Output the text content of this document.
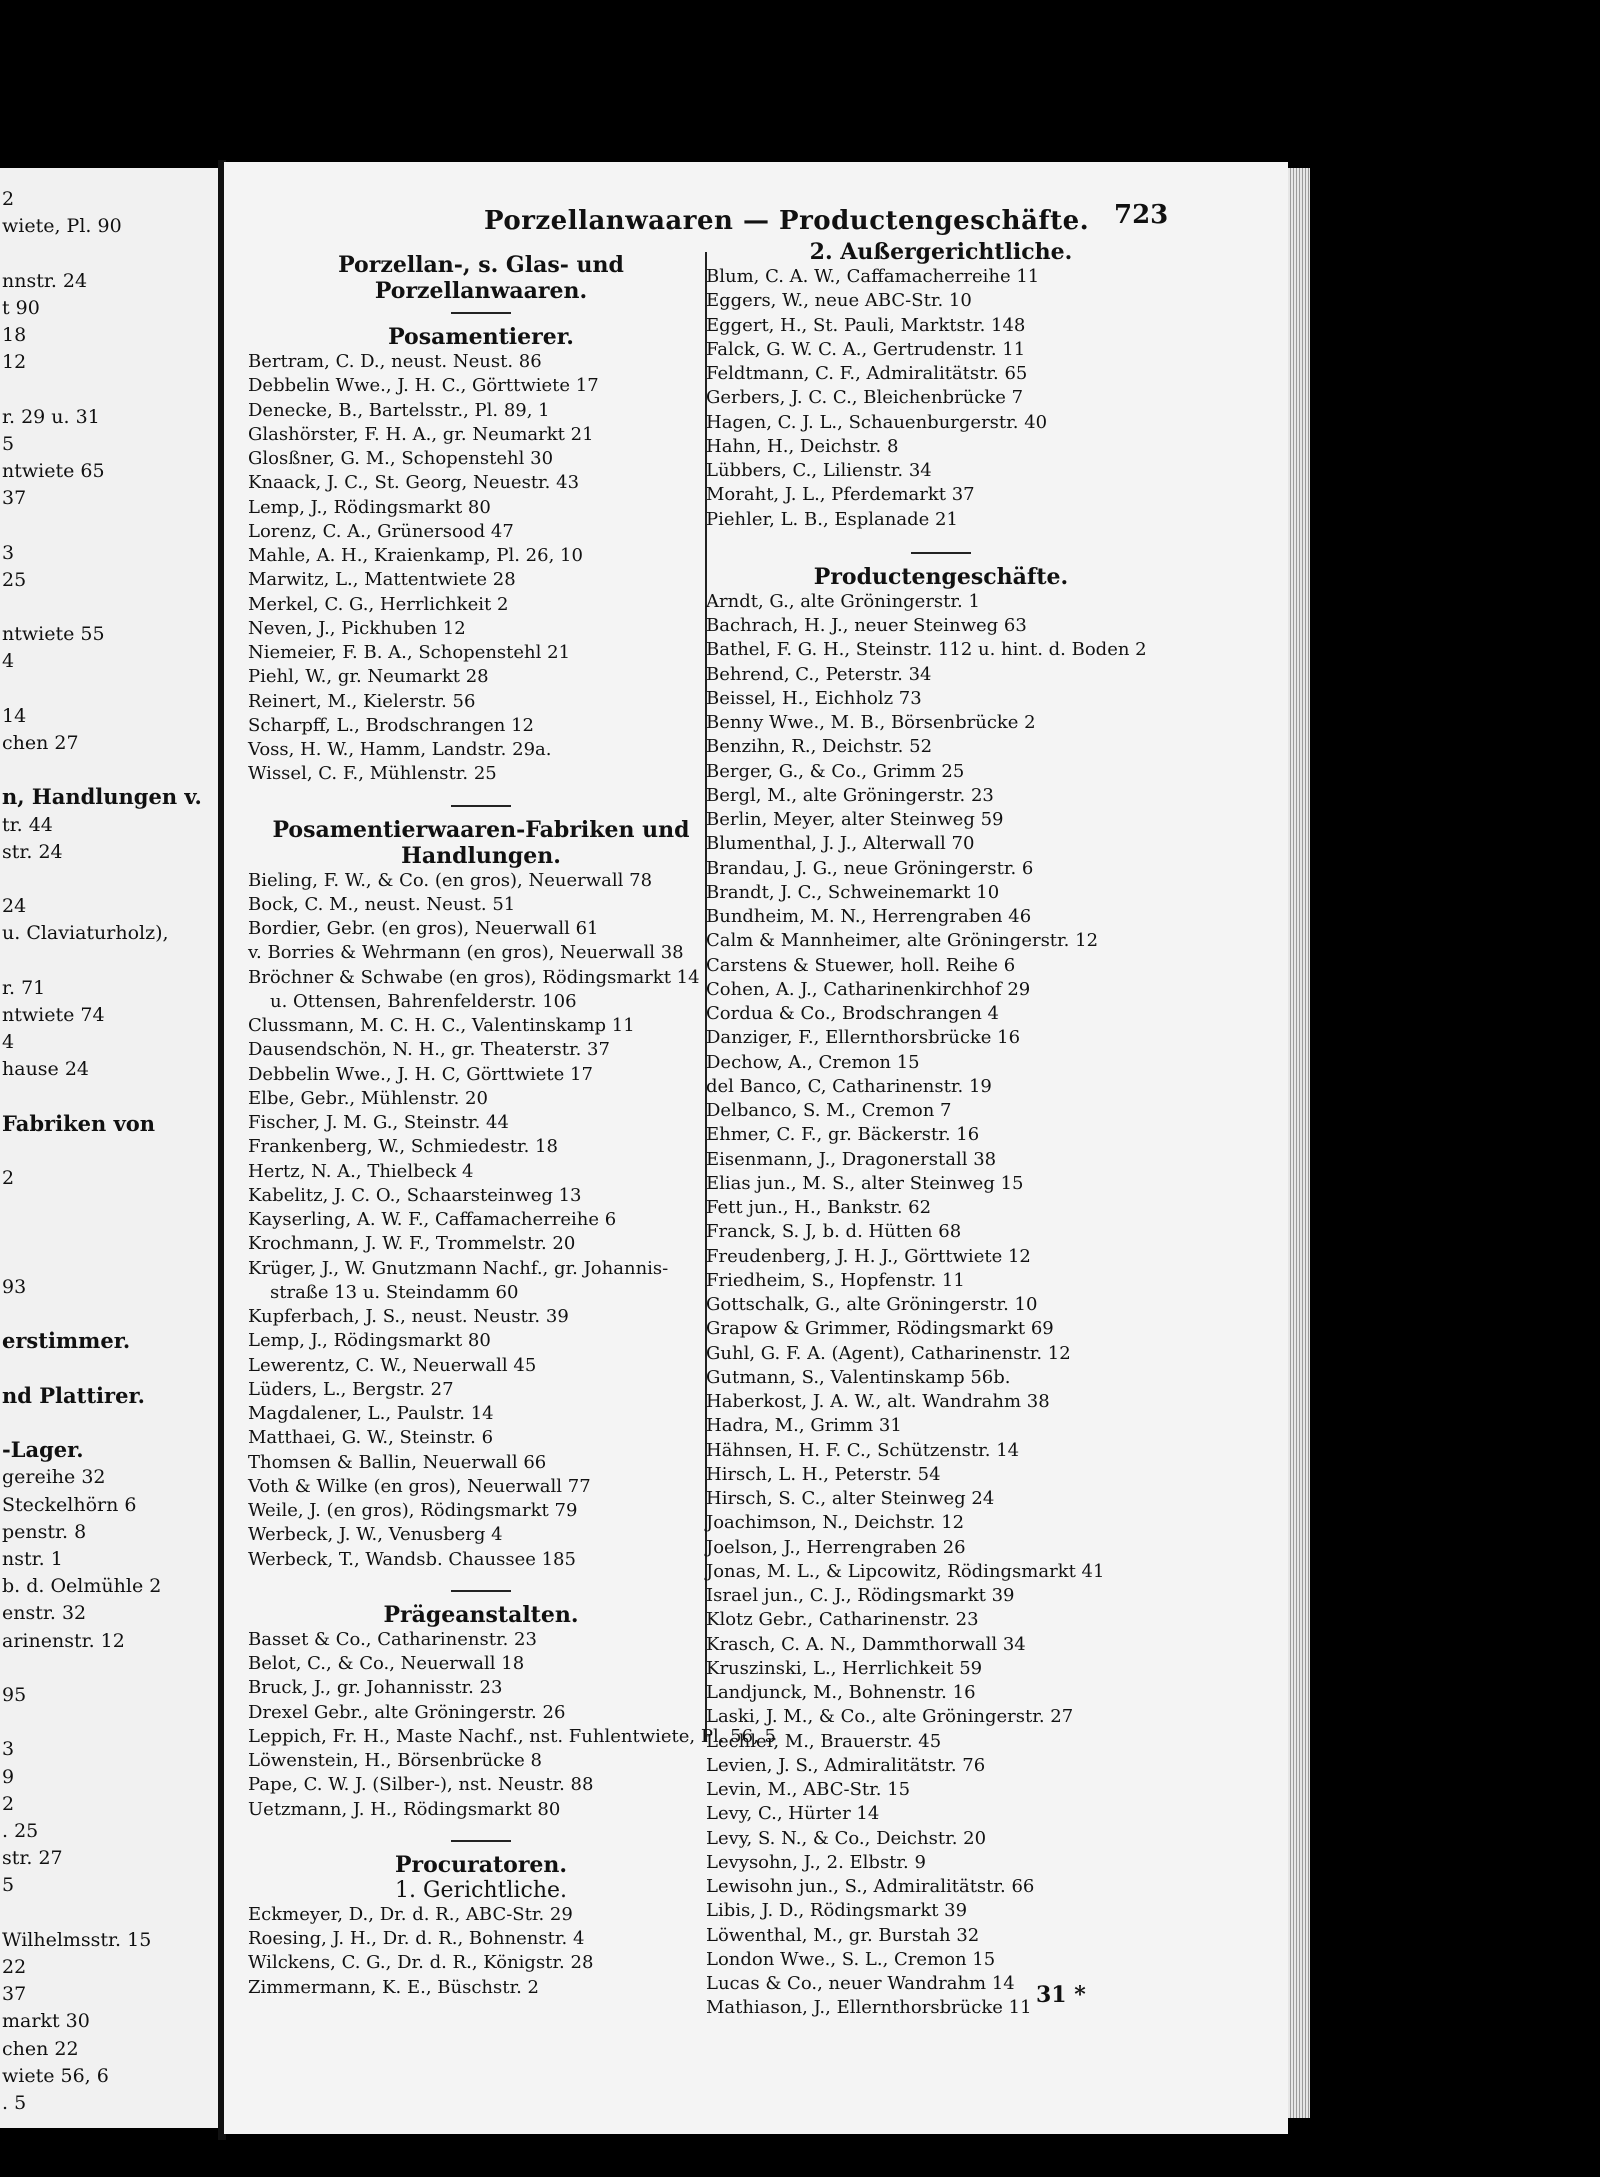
2
wiete, Pl. 90
nnstr. 24
t 90
18
12
r. 29 u. 31
5
ntwiete 65
37
3
25
ntwiete 55
4
14
chen 27
n, Handlungen v.
tr. 44
str. 24
24
u. Claviaturholz),
r. 71
ntwiete 74
4
hause 24
Fabriken von
2
93
erstimmer.
nd Plattirer.
-Lager.
gereihe 32
Steckelhörn 6
penstr. 8
nstr. 1
b. d. Oelmühle 2
enstr. 32
arinenstr. 12
95
3
9
2
. 25
str. 27
5
Wilhelmsstr. 15
22
37
markt 30
chen 22
wiete 56, 6
. 5
Porzellanwaaren — Productengeschäfte. 723

Porzellan-, s. Glas- und Porzellanwaaren.

Posamentierer.

Bertram, C. D., neust. Neust. 86
Debbelin Wwe., J. H. C., Görttwiete 17
Denecke, B., Bartelsstr., Pl. 89, 1
Glashörster, F. H. A., gr. Neumarkt 21
Glosßner, G. M., Schopenstehl 30
Knaack, J. C., St. Georg, Neuestr. 43
Lemp, J., Rödingsmarkt 80
Lorenz, C. A., Grünersood 47
Mahle, A. H., Kraienkamp, Pl. 26, 10
Marwitz, L., Mattentwiete 28
Merkel, C. G., Herrlichkeit 2
Neven, J., Pickhuben 12
Niemeier, F. B. A., Schopenstehl 21
Piehl, W., gr. Neumarkt 28
Reinert, M., Kielerstr. 56
Scharpff, L., Brodschrangen 12
Voss, H. W., Hamm, Landstr. 29a.
Wissel, C. F., Mühlenstr. 25

Posamentierwaaren-Fabriken und

Handlungen.

Bieling, F. W., & Co. (en gros), Neuerwall 78
Bock, C. M., neust. Neust. 51
Bordier, Gebr. (en gros), Neuerwall 61
v. Borries & Wehrmann (en gros), Neuerwall 38
Bröchner & Schwabe (en gros), Rödingsmarkt 14
u. Ottensen, Bahrenfelderstr. 106
Clussmann, M. C. H. C., Valentinskamp 11
Dausendschön, N. H., gr. Theaterstr. 37
Debbelin Wwe., J. H. C, Görttwiete 17
Elbe, Gebr., Mühlenstr. 20
Fischer, J. M. G., Steinstr. 44
Frankenberg, W., Schmiedestr. 18
Hertz, N. A., Thielbeck 4
Kabelitz, J. C. O., Schaarsteinweg 13
Kayserling, A. W. F., Caffamacherreihe 6
Krochmann, J. W. F., Trommelstr. 20
Krüger, J., W. Gnutzmann Nachf., gr. Johannis-
straße 13 u. Steindamm 60
Kupferbach, J. S., neust. Neustr. 39
Lemp, J., Rödingsmarkt 80
Lewerentz, C. W., Neuerwall 45
Lüders, L., Bergstr. 27
Magdalener, L., Paulstr. 14
Matthaei, G. W., Steinstr. 6
Thomsen & Ballin, Neuerwall 66
Voth & Wilke (en gros), Neuerwall 77
Weile, J. (en gros), Rödingsmarkt 79
Werbeck, J. W., Venusberg 4
Werbeck, T., Wandsb. Chaussee 185

Prägeanstalten.

Basset & Co., Catharinenstr. 23
Belot, C., & Co., Neuerwall 18
Bruck, J., gr. Johannisstr. 23
Drexel Gebr., alte Gröningerstr. 26
Leppich, Fr. H., Maste Nachf., nst. Fuhlentwiete, Pl. 56, 5
Löwenstein, H., Börsenbrücke 8
Pape, C. W. J. (Silber-), nst. Neustr. 88
Uetzmann, J. H., Rödingsmarkt 80

Procuratoren.

1. Gerichtliche.

Eckmeyer, D., Dr. d. R., ABC-Str. 29
Roesing, J. H., Dr. d. R., Bohnenstr. 4
Wilckens, C. G., Dr. d. R., Königstr. 28
Zimmermann, K. E., Büschstr. 2

2. Außergerichtliche.

Blum, C. A. W., Caffamacherreihe 11
Eggers, W., neue ABC-Str. 10
Eggert, H., St. Pauli, Marktstr. 148
Falck, G. W. C. A., Gertrudenstr. 11
Feldtmann, C. F., Admiralitätstr. 65
Gerbers, J. C. C., Bleichenbrücke 7
Hagen, C. J. L., Schauenburgerstr. 40
Hahn, H., Deichstr. 8
Lübbers, C., Lilienstr. 34
Moraht, J. L., Pferdemarkt 37
Piehler, L. B., Esplanade 21

Productengeschäfte.

Arndt, G., alte Gröningerstr. 1
Bachrach, H. J., neuer Steinweg 63
Bathel, F. G. H., Steinstr. 112 u. hint. d. Boden 2
Behrend, C., Peterstr. 34
Beissel, H., Eichholz 73
Benny Wwe., M. B., Börsenbrücke 2
Benzihn, R., Deichstr. 52
Berger, G., & Co., Grimm 25
Bergl, M., alte Gröningerstr. 23
Berlin, Meyer, alter Steinweg 59
Blumenthal, J. J., Alterwall 70
Brandau, J. G., neue Gröningerstr. 6
Brandt, J. C., Schweinemarkt 10
Bundheim, M. N., Herrengraben 46
Calm & Mannheimer, alte Gröningerstr. 12
Carstens & Stuewer, holl. Reihe 6
Cohen, A. J., Catharinenkirchhof 29
Cordua & Co., Brodschrangen 4
Danziger, F., Ellernthorsbrücke 16
Dechow, A., Cremon 15
del Banco, C, Catharinenstr. 19
Delbanco, S. M., Cremon 7
Ehmer, C. F., gr. Bäckerstr. 16
Eisenmann, J., Dragonerstall 38
Elias jun., M. S., alter Steinweg 15
Fett jun., H., Bankstr. 62
Franck, S. J, b. d. Hütten 68
Freudenberg, J. H. J., Görttwiete 12
Friedheim, S., Hopfenstr. 11
Gottschalk, G., alte Gröningerstr. 10
Grapow & Grimmer, Rödingsmarkt 69
Guhl, G. F. A. (Agent), Catharinenstr. 12
Gutmann, S., Valentinskamp 56b.
Haberkost, J. A. W., alt. Wandrahm 38
Hadra, M., Grimm 31
Hähnsen, H. F. C., Schützenstr. 14
Hirsch, L. H., Peterstr. 54
Hirsch, S. C., alter Steinweg 24
Joachimson, N., Deichstr. 12
Joelson, J., Herrengraben 26
Jonas, M. L., & Lipcowitz, Rödingsmarkt 41
Israel jun., C. J., Rödingsmarkt 39
Klotz Gebr., Catharinenstr. 23
Krasch, C. A. N., Dammthorwall 34
Kruszinski, L., Herrlichkeit 59
Landjunck, M., Bohnenstr. 16
Laski, J. M., & Co., alte Gröningerstr. 27
Lechler, M., Brauerstr. 45
Levien, J. S., Admiralitätstr. 76
Levin, M., ABC-Str. 15
Levy, C., Hürter 14
Levy, S. N., & Co., Deichstr. 20
Levysohn, J., 2. Elbstr. 9
Lewisohn jun., S., Admiralitätstr. 66
Libis, J. D., Rödingsmarkt 39
Löwenthal, M., gr. Burstah 32
London Wwe., S. L., Cremon 15
Lucas & Co., neuer Wandrahm 14
Mathiason, J., Ellernthorsbrücke 11 31 *
